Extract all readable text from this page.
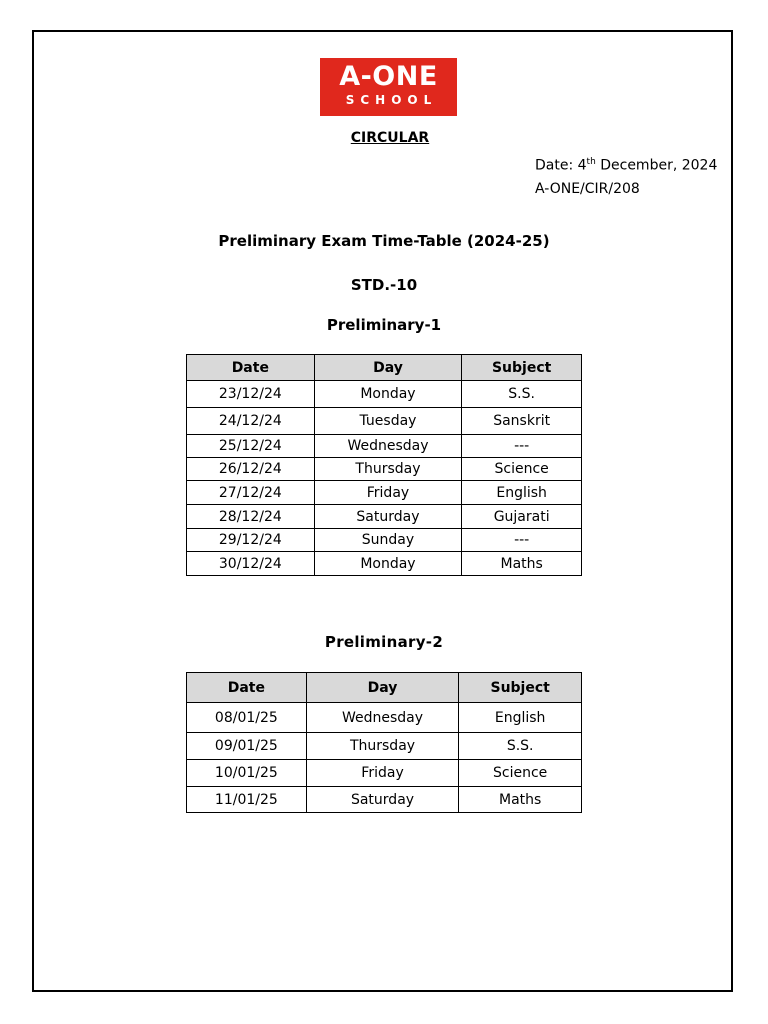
A-ONE
SCHOOL
CIRCULAR
Date: 4th December, 2024
A-ONE/CIR/208
Preliminary Exam Time-Table (2024-25)
STD.-10
Preliminary-1
Date	Day	Subject
23/12/24	Monday	S.S.
24/12/24	Tuesday	Sanskrit
25/12/24	Wednesday	---
26/12/24	Thursday	Science
27/12/24	Friday	English
28/12/24	Saturday	Gujarati
29/12/24	Sunday	---
30/12/24	Monday	Maths
Preliminary-2
Date	Day	Subject
08/01/25	Wednesday	English
09/01/25	Thursday	S.S.
10/01/25	Friday	Science
11/01/25	Saturday	Maths
